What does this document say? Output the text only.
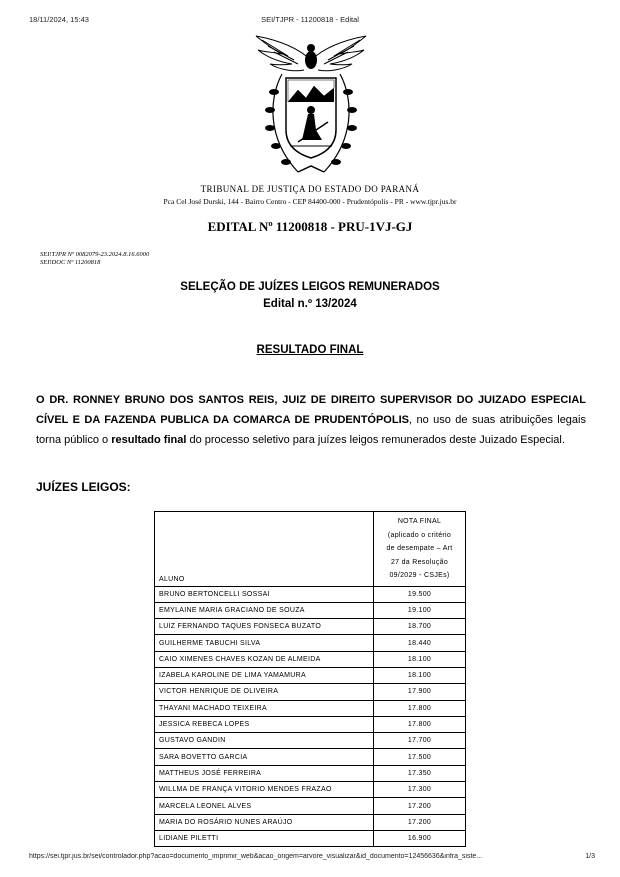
18/11/2024, 15:43	SEI/TJPR - 11200818 - Edital
TRIBUNAL DE JUSTIÇA DO ESTADO DO PARANÁ
Pca Cel José Durski, 144 - Bairro Centro - CEP 84400-000 - Prudentópolis - PR - www.tjpr.jus.br
EDITAL Nº 11200818 - PRU-1VJ-GJ
SEI!TJPR Nº 0082079-23.2024.8.16.6000
SEI!DOC Nº 11200818
SELEÇÃO DE JUÍZES LEIGOS REMUNERADOS
Edital n.º 13/2024
RESULTADO FINAL
O DR. RONNEY BRUNO DOS SANTOS REIS, JUIZ DE DIREITO SUPERVISOR DO JUIZADO ESPECIAL CÍVEL E DA FAZENDA PUBLICA DA COMARCA DE PRUDENTÓPOLIS, no uso de suas atribuições legais torna público o resultado final do processo seletivo para juízes leigos remunerados deste Juizado Especial.
JUÍZES LEIGOS:
ALUNO	NOTA FINAL
(aplicado o critério
de desempate – Art
27 da Resolução
09/2029 - CSJEs)

BRUNO BERTONCELLI SOSSAI	19.500
EMYLAINE MARIA GRACIANO DE SOUZA	19.100
LUIZ FERNANDO TAQUES FONSECA BUZATO	18.700
GUILHERME TABUCHI SILVA	18.440
CAIO XIMENES CHAVES KOZAN DE ALMEIDA	18.100
IZABELA KAROLINE DE LIMA YAMAMURA	18.100
VICTOR HENRIQUE DE OLIVEIRA	17.900
THAYANI MACHADO TEIXEIRA	17.800
JESSICA REBECA LOPES	17.800
GUSTAVO GANDIN	17.700
SARA BOVETTO GARCIA	17.500
MATTHEUS JOSÉ FERREIRA	17.350
WILLMA DE FRANÇA VITORIO MENDES FRAZAO	17.300
MARCELA LEONEL ALVES	17.200
MARIA DO ROSÁRIO NUNES ARAÚJO	17.200
LIDIANE PILETTI	16.900
https://sei.tjpr.jus.br/sei/controlador.php?acao=documento_imprimir_web&acao_origem=arvore_visualizar&id_documento=12456636&infra_siste...	1/3
